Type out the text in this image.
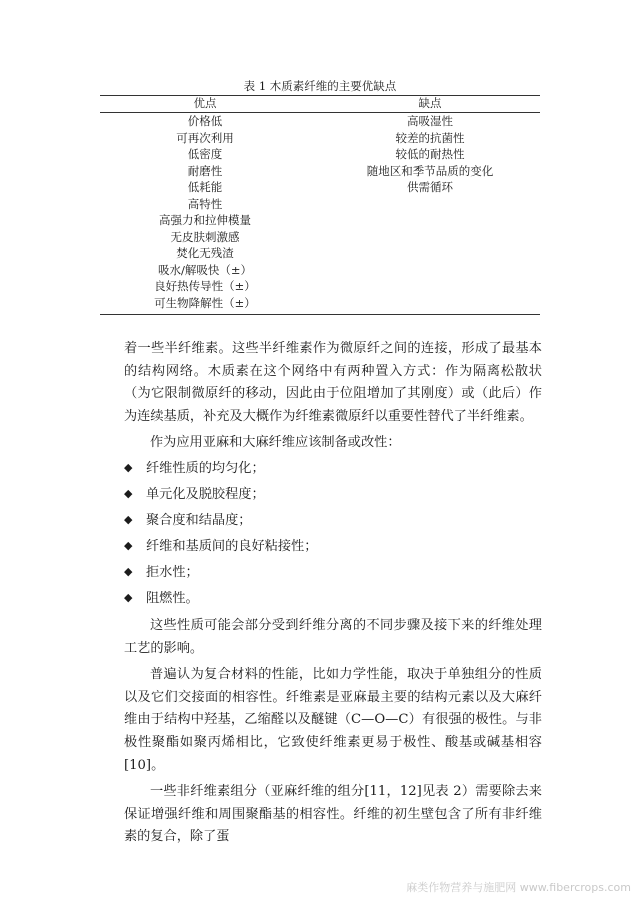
表 1 木质素纤维的主要优缺点
优点	缺点
价格低
可再次利用
低密度
耐磨性
低耗能
高特性
高强力和拉伸模量
无皮肤刺激感
焚化无残渣
吸水/解吸快（±）
良好热传导性（±）
可生物降解性（±）
高吸湿性
较差的抗菌性
较低的耐热性
随地区和季节品质的变化
供需循环

着一些半纤维素。这些半纤维素作为微原纤之间的连接，形成了最基本的结构网络。木质素在这个网络中有两种置入方式：作为隔离松散状（为它限制微原纤的移动，因此由于位阻增加了其刚度）或（此后）作为连续基质，补充及大概作为纤维素微原纤以重要性替代了半纤维素。

作为应用亚麻和大麻纤维应该制备或改性：

◆ 纤维性质的均匀化；
◆ 单元化及脱胶程度；
◆ 聚合度和结晶度；
◆ 纤维和基质间的良好粘接性；
◆ 拒水性；
◆ 阻燃性。

这些性质可能会部分受到纤维分离的不同步骤及接下来的纤维处理工艺的影响。

普遍认为复合材料的性能，比如力学性能，取决于单独组分的性质以及它们交接面的相容性。纤维素是亚麻最主要的结构元素以及大麻纤维由于结构中羟基，乙缩醛以及醚键（C—O—C）有很强的极性。与非极性聚酯如聚丙烯相比，它致使纤维素更易于极性、酸基或碱基相容[10]。

一些非纤维素组分（亚麻纤维的组分[11，12]见表 2）需要除去来保证增强纤维和周围聚酯基的相容性。纤维的初生壁包含了所有非纤维素的复合，除了蛋

麻类作物营养与施肥网 www.fibercrops.com
